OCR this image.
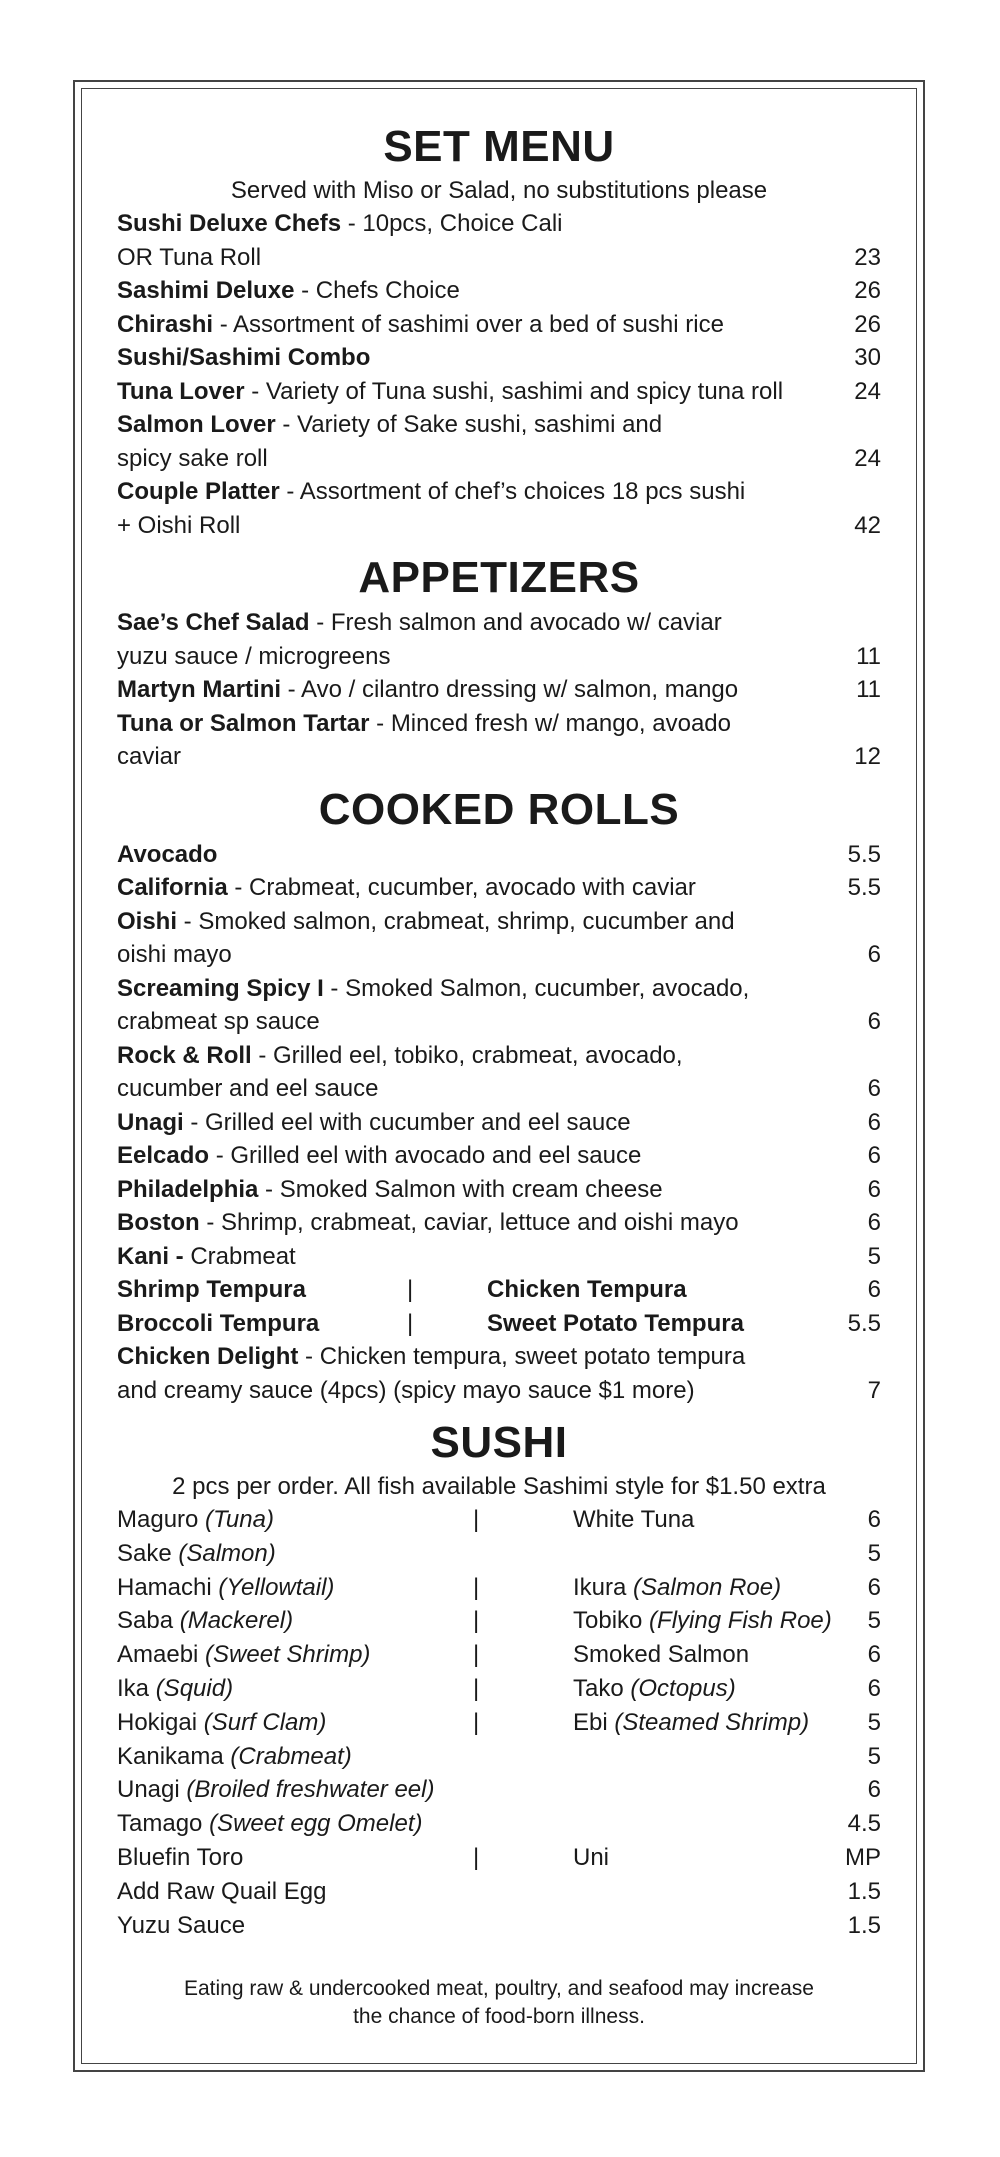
SET MENU
Served with Miso or Salad, no substitutions please
Sushi Deluxe Chefs - 10pcs, Choice Cali
OR Tuna Roll	23
Sashimi Deluxe - Chefs Choice	26
Chirashi - Assortment of sashimi over a bed of sushi rice	26
Sushi/Sashimi Combo	30
Tuna Lover - Variety of Tuna sushi, sashimi and spicy tuna roll	24
Salmon Lover - Variety of Sake sushi, sashimi and
spicy sake roll	24
Couple Platter - Assortment of chef’s choices 18 pcs sushi
+ Oishi Roll	42
APPETIZERS
Sae’s Chef Salad - Fresh salmon and avocado w/ caviar
yuzu sauce / microgreens	11
Martyn Martini - Avo / cilantro dressing w/ salmon, mango	11
Tuna or Salmon Tartar - Minced fresh w/ mango, avoado
caviar	12
COOKED ROLLS
Avocado	5.5
California - Crabmeat, cucumber, avocado with caviar	5.5
Oishi - Smoked salmon, crabmeat, shrimp, cucumber and
oishi mayo	6
Screaming Spicy I - Smoked Salmon, cucumber, avocado,
crabmeat sp sauce	6
Rock & Roll - Grilled eel, tobiko, crabmeat, avocado,
cucumber and eel sauce	6
Unagi - Grilled eel with cucumber and eel sauce	6
Eelcado - Grilled eel with avocado and eel sauce	6
Philadelphia - Smoked Salmon with cream cheese	6
Boston - Shrimp, crabmeat, caviar, lettuce and oishi mayo	6
Kani - Crabmeat	5
Shrimp Tempura	|	Chicken Tempura	6
Broccoli Tempura	|	Sweet Potato Tempura	5.5
Chicken Delight - Chicken tempura, sweet potato tempura
and creamy sauce (4pcs) (spicy mayo sauce $1 more)	7
SUSHI
2 pcs per order. All fish available Sashimi style for $1.50 extra
Maguro (Tuna)	|	White Tuna	6
Sake (Salmon)	5
Hamachi (Yellowtail)	|	Ikura (Salmon Roe)	6
Saba (Mackerel)	|	Tobiko (Flying Fish Roe)	5
Amaebi (Sweet Shrimp)	|	Smoked Salmon	6
Ika (Squid)	|	Tako (Octopus)	6
Hokigai (Surf Clam)	|	Ebi (Steamed Shrimp)	5
Kanikama (Crabmeat)	5
Unagi (Broiled freshwater eel)	6
Tamago (Sweet egg Omelet)	4.5
Bluefin Toro	|	Uni	MP
Add Raw Quail Egg	1.5
Yuzu Sauce	1.5
Eating raw & undercooked meat, poultry, and seafood may increase
the chance of food-born illness.
